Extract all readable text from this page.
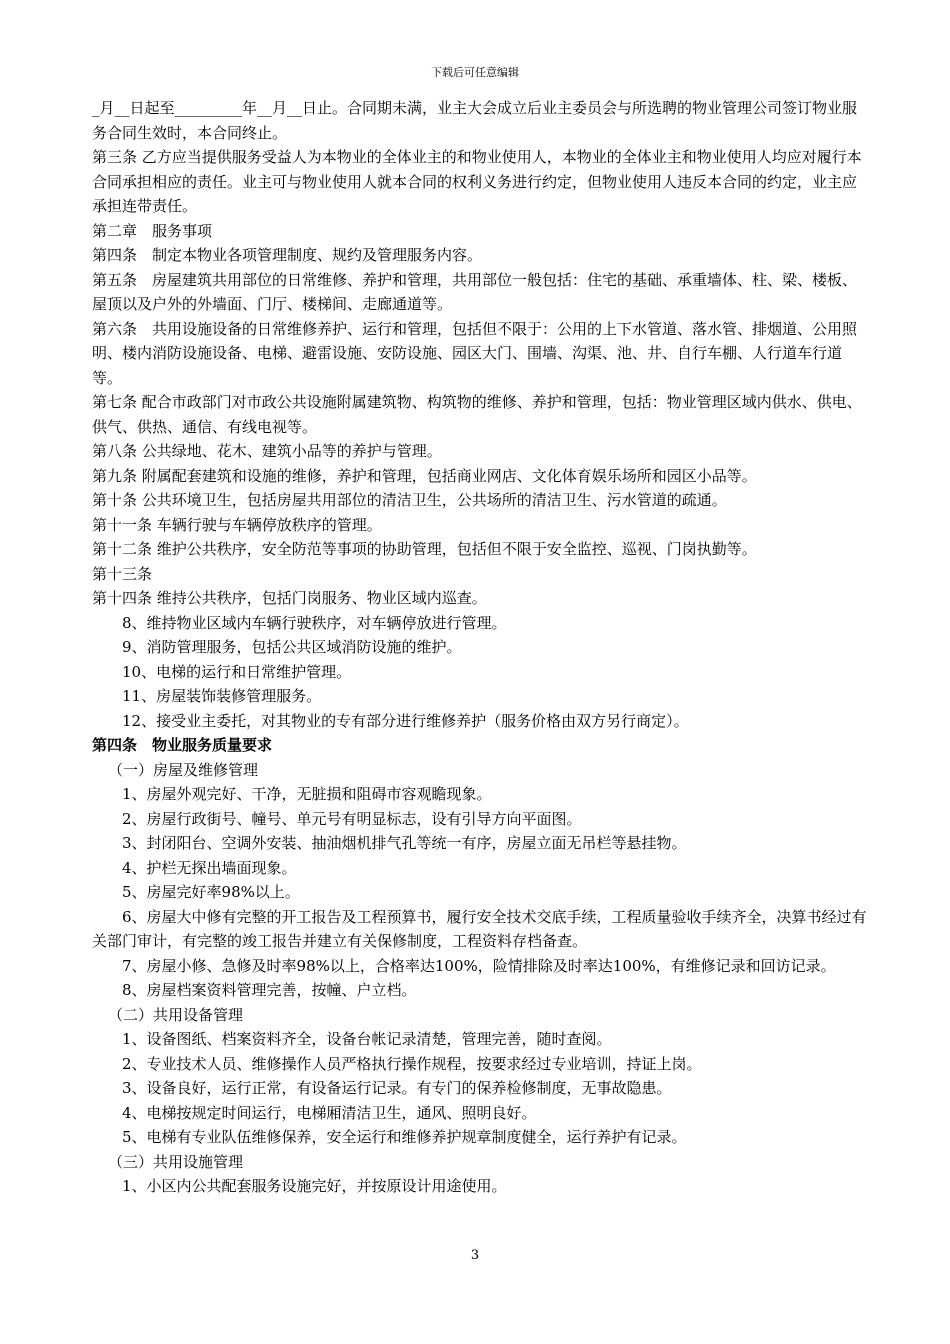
下载后可任意编辑

_月__日起至_________年__月__日止。合同期未满，业主大会成立后业主委员会与所选聘的物业管理公司签订物业服务合同生效时，本合同终止。

第三条 乙方应当提供服务受益人为本物业的全体业主的和物业使用人，本物业的全体业主和物业使用人均应对履行本合同承担相应的责任。业主可与物业使用人就本合同的权利义务进行约定，但物业使用人违反本合同的约定，业主应承担连带责任。

第二章　服务事项

第四条　制定本物业各项管理制度、规约及管理服务内容。

第五条　房屋建筑共用部位的日常维修、养护和管理，共用部位一般包括：住宅的基础、承重墙体、柱、梁、楼板、屋顶以及户外的外墙面、门厅、楼梯间、走廊通道等。

第六条　共用设施设备的日常维修养护、运行和管理，包括但不限于：公用的上下水管道、落水管、排烟道、公用照明、楼内消防设施设备、电梯、避雷设施、安防设施、园区大门、围墙、沟渠、池、井、自行车棚、人行道车行道等。

第七条 配合市政部门对市政公共设施附属建筑物、构筑物的维修、养护和管理，包括：物业管理区域内供水、供电、供气、供热、通信、有线电视等。

第八条 公共绿地、花木、建筑小品等的养护与管理。

第九条 附属配套建筑和设施的维修，养护和管理，包括商业网店、文化体育娱乐场所和园区小品等。

第十条 公共环境卫生，包括房屋共用部位的清洁卫生，公共场所的清洁卫生、污水管道的疏通。

第十一条 车辆行驶与车辆停放秩序的管理。

第十二条 维护公共秩序，安全防范等事项的协助管理，包括但不限于安全监控、巡视、门岗执勤等。

第十三条

第十四条 维持公共秩序，包括门岗服务、物业区域内巡查。

8、维持物业区域内车辆行驶秩序，对车辆停放进行管理。

9、消防管理服务，包括公共区域消防设施的维护。

10、电梯的运行和日常维护管理。

11、房屋装饰装修管理服务。

12、接受业主委托，对其物业的专有部分进行维修养护（服务价格由双方另行商定）。

第四条　物业服务质量要求

（一）房屋及维修管理

1、房屋外观完好、干净，无脏损和阻碍市容观瞻现象。

2、房屋行政街号、幢号、单元号有明显标志，设有引导方向平面图。

3、封闭阳台、空调外安装、抽油烟机排气孔等统一有序，房屋立面无吊栏等悬挂物。

4、护栏无探出墙面现象。

5、房屋完好率98%以上。

6、房屋大中修有完整的开工报告及工程预算书，履行安全技术交底手续，工程质量验收手续齐全，决算书经过有关部门审计，有完整的竣工报告并建立有关保修制度，工程资料存档备查。

7、房屋小修、急修及时率98%以上，合格率达100%，险情排除及时率达100%，有维修记录和回访记录。

8、房屋档案资料管理完善，按幢、户立档。

（二）共用设备管理

1、设备图纸、档案资料齐全，设备台帐记录清楚，管理完善，随时查阅。

2、专业技术人员、维修操作人员严格执行操作规程，按要求经过专业培训，持证上岗。

3、设备良好，运行正常，有设备运行记录。有专门的保养检修制度，无事故隐患。

4、电梯按规定时间运行，电梯厢清洁卫生，通风、照明良好。

5、电梯有专业队伍维修保养，安全运行和维修养护规章制度健全，运行养护有记录。

（三）共用设施管理

1、小区内公共配套服务设施完好，并按原设计用途使用。

3
